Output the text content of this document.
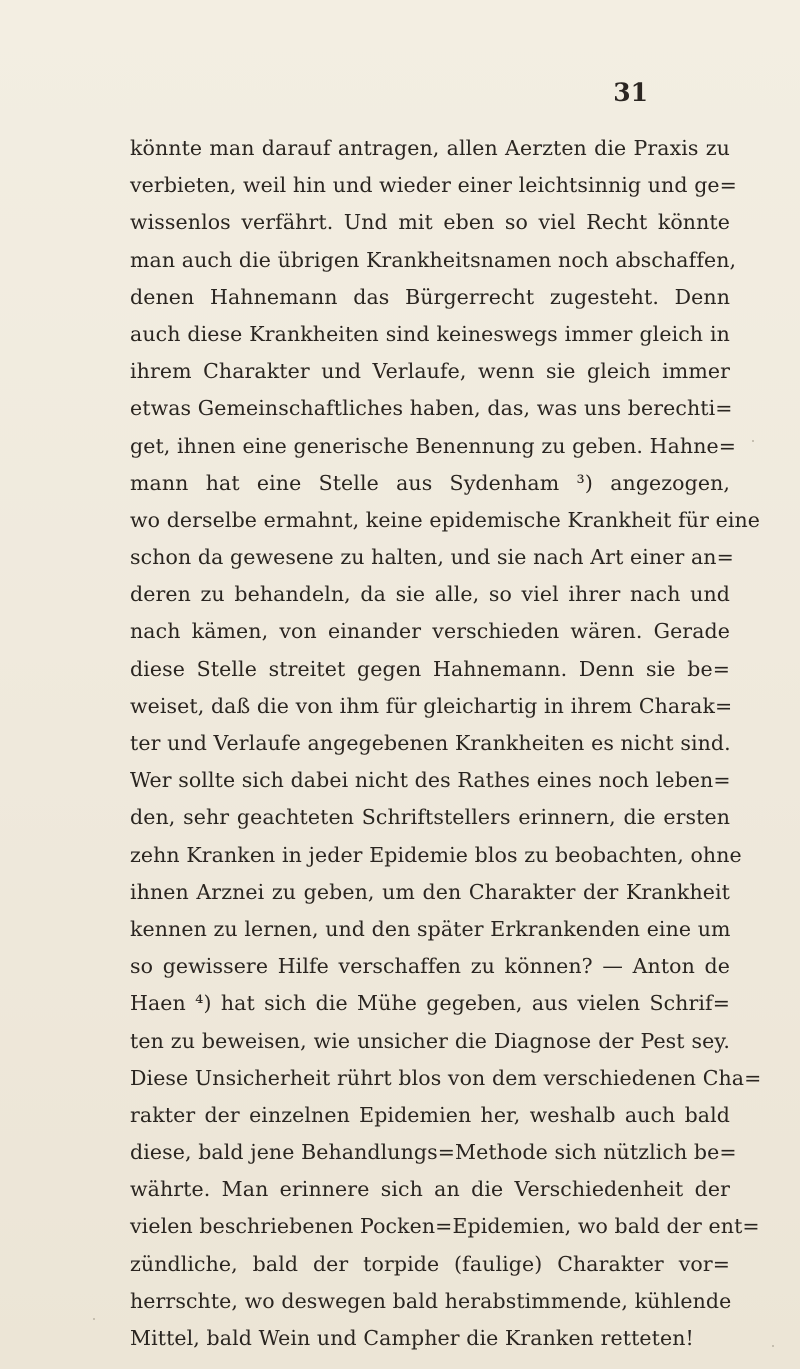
31
könnte man darauf antragen, allen Aerzten die Praxis zu
verbieten, weil hin und wieder einer leichtsinnig und ge=
wissenlos verfährt. Und mit eben so viel Recht könnte
man auch die übrigen Krankheitsnamen noch abschaffen,
denen Hahnemann das Bürgerrecht zugesteht. Denn
auch diese Krankheiten sind keineswegs immer gleich in
ihrem Charakter und Verlaufe, wenn sie gleich immer
etwas Gemeinschaftliches haben, das, was uns berechti=
get, ihnen eine generische Benennung zu geben. Hahne=
mann hat eine Stelle aus Sydenham ³) angezogen,
wo derselbe ermahnt, keine epidemische Krankheit für eine
schon da gewesene zu halten, und sie nach Art einer an=
deren zu behandeln, da sie alle, so viel ihrer nach und
nach kämen, von einander verschieden wären. Gerade
diese Stelle streitet gegen Hahnemann. Denn sie be=
weiset, daß die von ihm für gleichartig in ihrem Charak=
ter und Verlaufe angegebenen Krankheiten es nicht sind.
Wer sollte sich dabei nicht des Rathes eines noch leben=
den, sehr geachteten Schriftstellers erinnern, die ersten
zehn Kranken in jeder Epidemie blos zu beobachten, ohne
ihnen Arznei zu geben, um den Charakter der Krankheit
kennen zu lernen, und den später Erkrankenden eine um
so gewissere Hilfe verschaffen zu können? — Anton de
Haen ⁴) hat sich die Mühe gegeben, aus vielen Schrif=
ten zu beweisen, wie unsicher die Diagnose der Pest sey.
Diese Unsicherheit rührt blos von dem verschiedenen Cha=
rakter der einzelnen Epidemien her, weshalb auch bald
diese, bald jene Behandlungs=Methode sich nützlich be=
währte. Man erinnere sich an die Verschiedenheit der
vielen beschriebenen Pocken=Epidemien, wo bald der ent=
zündliche, bald der torpide (faulige) Charakter vor=
herrschte, wo deswegen bald herabstimmende, kühlende
Mittel, bald Wein und Campher die Kranken retteten!
